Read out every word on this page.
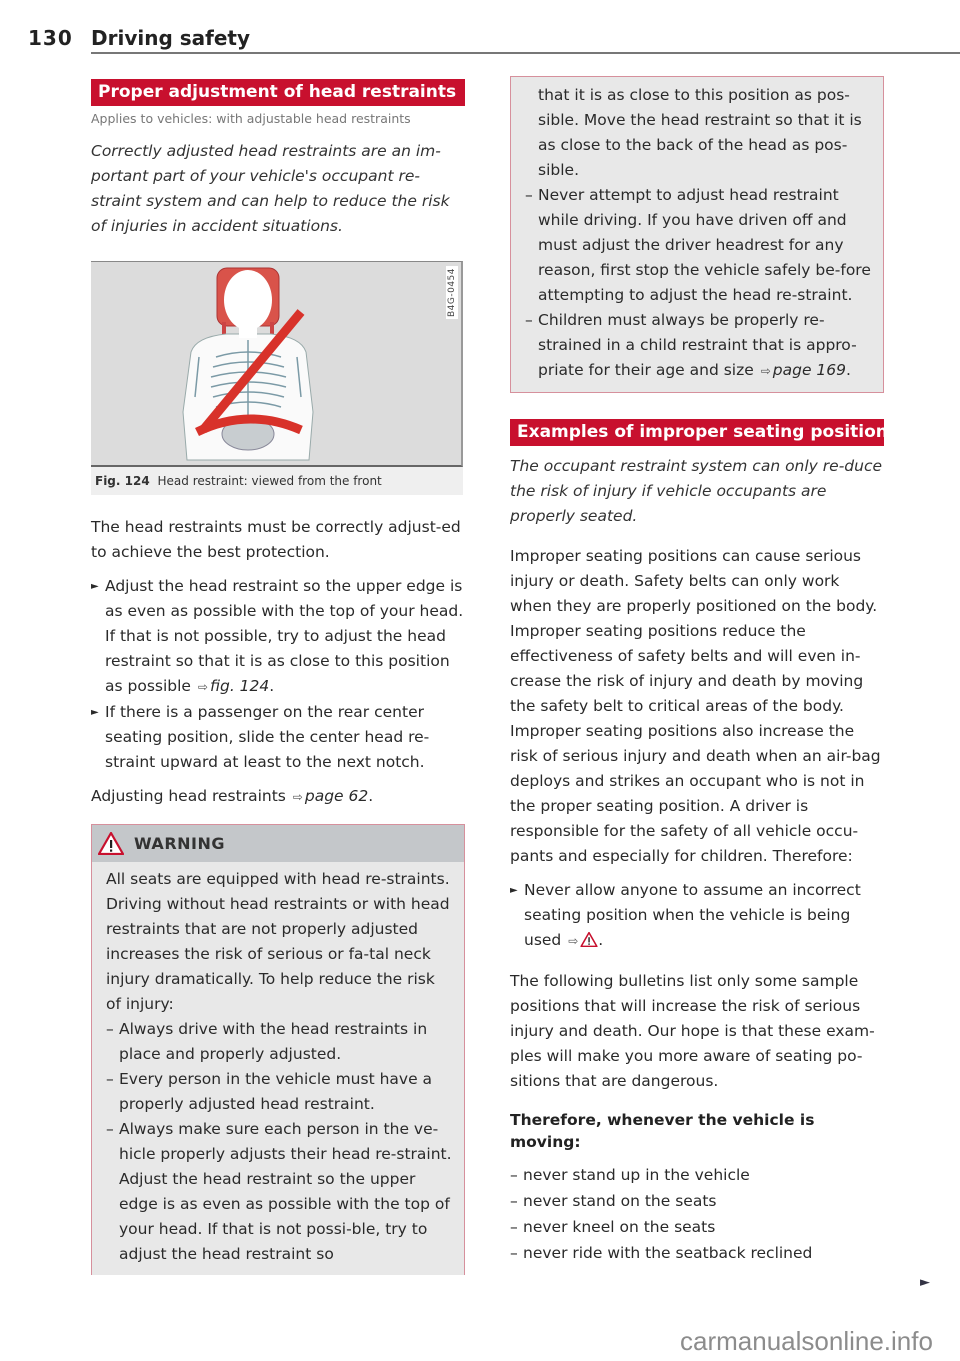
130 Driving safety
Proper adjustment of head restraints
Applies to vehicles: with adjustable head restraints

Correctly adjusted head restraints are an im-portant part of your vehicle's occupant re-straint system and can help to reduce the risk of injuries in accident situations.

B4G-0454
Fig. 124 Head restraint: viewed from the front

The head restraints must be correctly adjust-ed to achieve the best protection.

► Adjust the head restraint so the upper edge is as even as possible with the top of your head. If that is not possible, try to adjust the head restraint so that it is as close to this position as possible ⇨ fig. 124.
► If there is a passenger on the rear center seating position, slide the center head re-straint upward at least to the next notch.

Adjusting head restraints ⇨ page 62.

WARNING

All seats are equipped with head re-straints. Driving without head restraints or with head restraints that are not properly adjusted increases the risk of serious or fa-tal neck injury dramatically. To help reduce the risk of injury:

– Always drive with the head restraints in place and properly adjusted.
– Every person in the vehicle must have a properly adjusted head restraint.
– Always make sure each person in the ve-hicle properly adjusts their head re-straint. Adjust the head restraint so the upper edge is as even as possible with the top of your head. If that is not possi-ble, try to adjust the head restraint so
that it is as close to this position as pos-sible. Move the head restraint so that it is as close to the back of the head as pos-sible.
– Never attempt to adjust head restraint while driving. If you have driven off and must adjust the driver headrest for any reason, first stop the vehicle safely be-fore attempting to adjust the head re-straint.
– Children must always be properly re-strained in a child restraint that is appro-priate for their age and size ⇨ page 169.
Examples of improper seating positions

The occupant restraint system can only re-duce the risk of injury if vehicle occupants are properly seated.

Improper seating positions can cause serious injury or death. Safety belts can only work when they are properly positioned on the body. Improper seating positions reduce the effectiveness of safety belts and will even in-crease the risk of injury and death by moving the safety belt to critical areas of the body. Improper seating positions also increase the risk of serious injury and death when an air-bag deploys and strikes an occupant who is not in the proper seating position. A driver is responsible for the safety of all vehicle occu-pants and especially for children. Therefore:

► Never allow anyone to assume an incorrect seating position when the vehicle is being used ⇨ .

The following bulletins list only some sample positions that will increase the risk of serious injury and death. Our hope is that these exam-ples will make you more aware of seating po-sitions that are dangerous.

Therefore, whenever the vehicle is moving:

– never stand up in the vehicle
– never stand on the seats
– never kneel on the seats
– never ride with the seatback reclined
►
carmanualsonline.info
